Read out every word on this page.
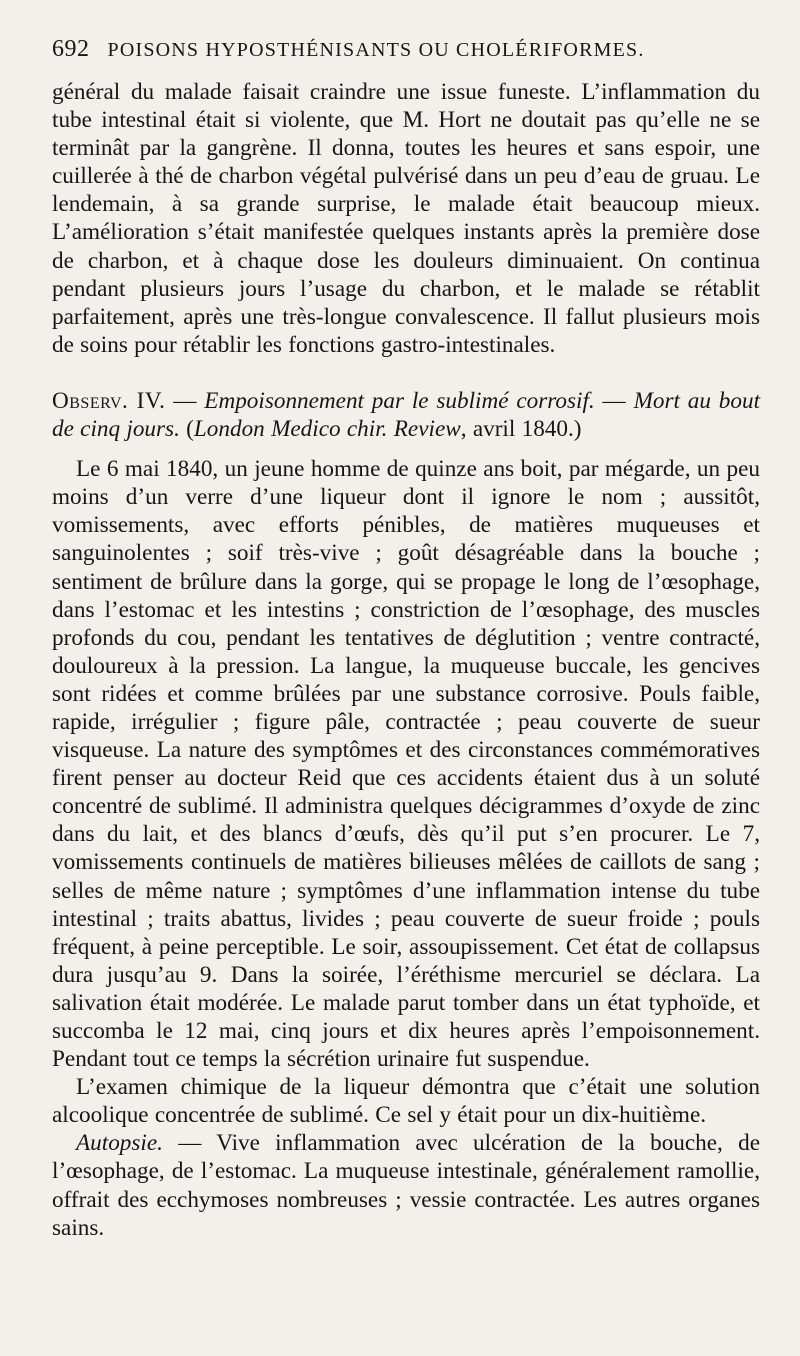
692 POISONS HYPOSTHÉNISANTS OU CHOLÉRIFORMES.

général du malade faisait craindre une issue funeste. L’inflammation du tube intestinal était si violente, que M. Hort ne doutait pas qu’elle ne se terminât par la gangrène. Il donna, toutes les heures et sans espoir, une cuillerée à thé de charbon végétal pulvérisé dans un peu d’eau de gruau. Le lendemain, à sa grande surprise, le malade était beaucoup mieux. L’amélioration s’était manifestée quelques instants après la première dose de charbon, et à chaque dose les douleurs diminuaient. On continua pendant plusieurs jours l’usage du charbon, et le malade se rétablit parfaitement, après une très-longue convalescence. Il fallut plusieurs mois de soins pour rétablir les fonctions gastro-intestinales.

Observ. IV. — Empoisonnement par le sublimé corrosif. — Mort au bout de cinq jours. (London Medico chir. Review, avril 1840.)

Le 6 mai 1840, un jeune homme de quinze ans boit, par mégarde, un peu moins d’un verre d’une liqueur dont il ignore le nom ; aussitôt, vomissements, avec efforts pénibles, de matières muqueuses et sanguinolentes ; soif très-vive ; goût désagréable dans la bouche ; sentiment de brûlure dans la gorge, qui se propage le long de l’œsophage, dans l’estomac et les intestins ; constriction de l’œsophage, des muscles profonds du cou, pendant les tentatives de déglutition ; ventre contracté, douloureux à la pression. La langue, la muqueuse buccale, les gencives sont ridées et comme brûlées par une substance corrosive. Pouls faible, rapide, irrégulier ; figure pâle, contractée ; peau couverte de sueur visqueuse. La nature des symptômes et des circonstances commémoratives firent penser au docteur Reid que ces accidents étaient dus à un soluté concentré de sublimé. Il administra quelques décigrammes d’oxyde de zinc dans du lait, et des blancs d’œufs, dès qu’il put s’en procurer. Le 7, vomissements continuels de matières bilieuses mêlées de caillots de sang ; selles de même nature ; symptômes d’une inflammation intense du tube intestinal ; traits abattus, livides ; peau couverte de sueur froide ; pouls fréquent, à peine perceptible. Le soir, assoupissement. Cet état de collapsus dura jusqu’au 9. Dans la soirée, l’éréthisme mercuriel se déclara. La salivation était modérée. Le malade parut tomber dans un état typhoïde, et succomba le 12 mai, cinq jours et dix heures après l’empoisonnement. Pendant tout ce temps la sécrétion urinaire fut suspendue.

L’examen chimique de la liqueur démontra que c’était une solution alcoolique concentrée de sublimé. Ce sel y était pour un dix-huitième.

Autopsie. — Vive inflammation avec ulcération de la bouche, de l’œsophage, de l’estomac. La muqueuse intestinale, généralement ramollie, offrait des ecchymoses nombreuses ; vessie contractée. Les autres organes sains.
